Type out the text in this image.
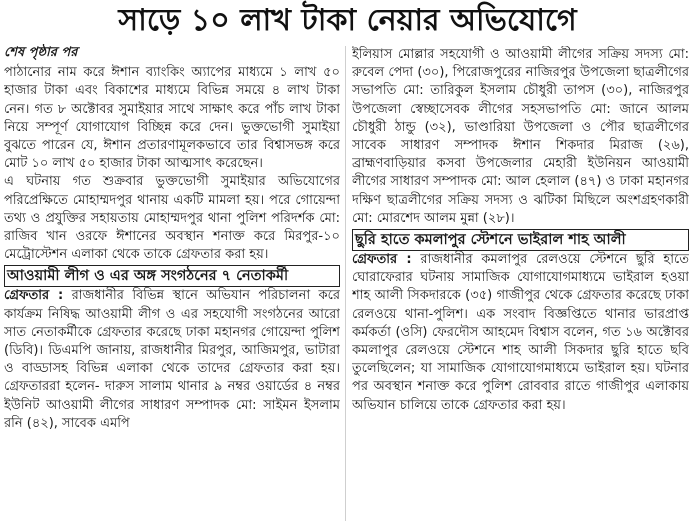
সাড়ে ১০ লাখ টাকা নেয়ার অভিযোগে
শেষ পৃষ্ঠার পর

পাঠানোর নাম করে ঈশান ব্যাংকিং অ্যাপের মাধ্যমে ১ লাখ ৫০ হাজার টাকা এবং বিকাশের মাধ্যমে বিভিন্ন সময়ে ৪ লাখ টাকা নেন। গত ৮ অক্টোবর সুমাইয়ার সাথে সাক্ষাৎ করে পাঁচ লাখ টাকা নিয়ে সম্পূর্ণ যোগাযোগ বিচ্ছিন্ন করে দেন। ভুক্তভোগী সুমাইয়া বুঝতে পারেন যে, ঈশান প্রতারণামূলকভাবে তার বিশ্বাসভঙ্গ করে মোট ১০ লাখ ৫০ হাজার টাকা আত্মসাৎ করেছেন।

এ ঘটনায় গত শুক্রবার ভুক্তভোগী সুমাইয়ার অভিযোগের পরিপ্রেক্ষিতে মোহাম্মদপুর থানায় একটি মামলা হয়। পরে গোয়েন্দা তথ্য ও প্রযুক্তির সহায়তায় মোহাম্মদপুর থানা পুলিশ পরিদর্শক মো: রাজিব খান ওরফে ঈশানের অবস্থান শনাক্ত করে মিরপুর-১০ মেট্রোস্টেশন এলাকা থেকে তাকে গ্রেফতার করা হয়।

আওয়ামী লীগ ও এর অঙ্গ সংগঠনের ৭ নেতাকর্মী

গ্রেফতার : রাজধানীর বিভিন্ন স্থানে অভিযান পরিচালনা করে কার্যক্রম নিষিদ্ধ আওয়ামী লীগ ও এর সহযোগী সংগঠনের আরো সাত নেতাকর্মীকে গ্রেফতার করেছে ঢাকা মহানগর গোয়েন্দা পুলিশ (ডিবি)। ডিএমপি জানায়, রাজধানীর মিরপুর, আজিমপুর, ভাটারা ও বাড্ডাসহ বিভিন্ন এলাকা থেকে তাদের গ্রেফতার করা হয়। গ্রেফতাররা হলেন- দারুস সালাম থানার ৯ নম্বর ওয়ার্ডের ৪ নম্বর ইউনিট আওয়ামী লীগের সাধারণ সম্পাদক মো: সাইমন ইসলাম রনি (৪২), সাবেক এমপি

ইলিয়াস মোল্লার সহযোগী ও আওয়ামী লীগের সক্রিয় সদস্য মো: রুবেল পেদা (৩০), পিরোজপুরের নাজিরপুর উপজেলা ছাত্রলীগের সভাপতি মো: তারিকুল ইসলাম চৌধুরী তাপস (৩০), নাজিরপুর উপজেলা স্বেচ্ছাসেবক লীগের সহসভাপতি মো: জানে আলম চৌধুরী ঠান্ডু (৩২), ভাণ্ডারিয়া উপজেলা ও পৌর ছাত্রলীগের সাবেক সাধারণ সম্পাদক ঈশান শিকদার মিরাজ (২৬), ব্রাহ্মণবাড়িয়ার কসবা উপজেলার মেহারী ইউনিয়ন আওয়ামী লীগের সাধারণ সম্পাদক মো: আল হেলাল (৪৭) ও ঢাকা মহানগর দক্ষিণ ছাত্রলীগের সক্রিয় সদস্য ও ঝটিকা মিছিলে অংশগ্রহণকারী মো: মোরশেদ আলম মুন্না (২৮)।

ছুরি হাতে কমলাপুর স্টেশনে ভাইরাল শাহ আলী

গ্রেফতার : রাজধানীর কমলাপুর রেলওয়ে স্টেশনে ছুরি হাতে ঘোরাফেরার ঘটনায় সামাজিক যোগাযোগমাধ্যমে ভাইরাল হওয়া শাহ আলী সিকদারকে (৩৫) গাজীপুর থেকে গ্রেফতার করেছে ঢাকা রেলওয়ে থানা-পুলিশ। এক সংবাদ বিজ্ঞপ্তিতে থানার ভারপ্রাপ্ত কর্মকর্তা (ওসি) ফেরদৌস আহমেদ বিশ্বাস বলেন, গত ১৬ অক্টোবর কমলাপুর রেলওয়ে স্টেশনে শাহ আলী সিকদার ছুরি হাতে ছবি তুলেছিলেন; যা সামাজিক যোগাযোগমাধ্যমে ভাইরাল হয়। ঘটনার পর অবস্থান শনাক্ত করে পুলিশ রোববার রাতে গাজীপুর এলাকায় অভিযান চালিয়ে তাকে গ্রেফতার করা হয়।
